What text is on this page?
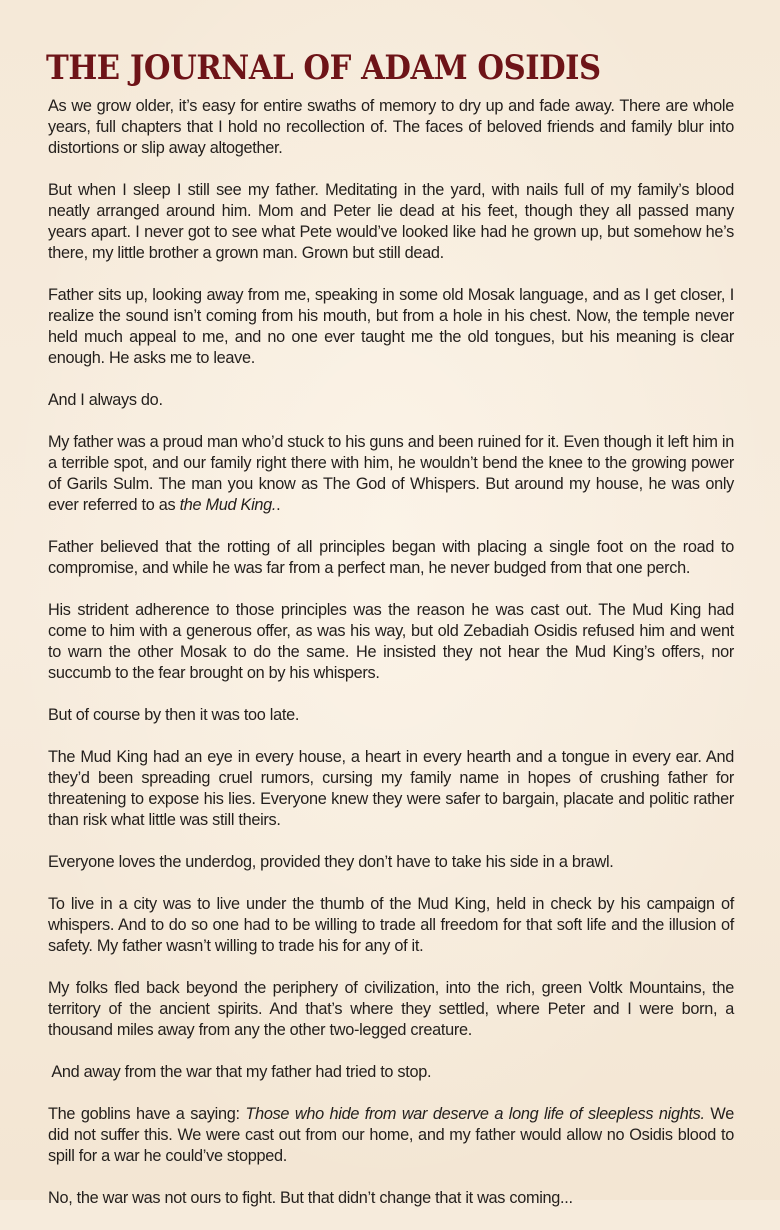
THE JOURNAL OF ADAM OSIDIS

As we grow older, it’s easy for entire swaths of memory to dry up and fade away. There are whole years, full chapters that I hold no recollection of. The faces of beloved friends and family blur into distortions or slip away altogether.

But when I sleep I still see my father. Meditating in the yard, with nails full of my family’s blood neatly arranged around him. Mom and Peter lie dead at his feet, though they all passed many years apart. I never got to see what Pete would’ve looked like had he grown up, but somehow he’s there, my little brother a grown man. Grown but still dead.

Father sits up, looking away from me, speaking in some old Mosak language, and as I get closer, I realize the sound isn’t coming from his mouth, but from a hole in his chest. Now, the temple never held much appeal to me, and no one ever taught me the old tongues, but his meaning is clear enough. He asks me to leave.

And I always do.

My father was a proud man who’d stuck to his guns and been ruined for it. Even though it left him in a terrible spot, and our family right there with him, he wouldn’t bend the knee to the growing power of Garils Sulm. The man you know as The God of Whispers. But around my house, he was only ever referred to as the Mud King..

Father believed that the rotting of all principles began with placing a single foot on the road to compromise, and while he was far from a perfect man, he never budged from that one perch.

His strident adherence to those principles was the reason he was cast out. The Mud King had come to him with a generous offer, as was his way, but old Zebadiah Osidis refused him and went to warn the other Mosak to do the same. He insisted they not hear the Mud King’s offers, nor succumb to the fear brought on by his whispers.

But of course by then it was too late.

The Mud King had an eye in every house, a heart in every hearth and a tongue in every ear. And they’d been spreading cruel rumors, cursing my family name in hopes of crushing father for threatening to expose his lies. Everyone knew they were safer to bargain, placate and politic rather than risk what little was still theirs.

Everyone loves the underdog, provided they don’t have to take his side in a brawl.

To live in a city was to live under the thumb of the Mud King, held in check by his campaign of whispers. And to do so one had to be willing to trade all freedom for that soft life and the illusion of safety. My father wasn’t willing to trade his for any of it.

My folks fled back beyond the periphery of civilization, into the rich, green Voltk Mountains, the territory of the ancient spirits. And that’s where they settled, where Peter and I were born, a thousand miles away from any the other two-legged creature.

And away from the war that my father had tried to stop.

The goblins have a saying: Those who hide from war deserve a long life of sleepless nights. We did not suffer this. We were cast out from our home, and my father would allow no Osidis blood to spill for a war he could’ve stopped.

No, the war was not ours to fight. But that didn’t change that it was coming...
